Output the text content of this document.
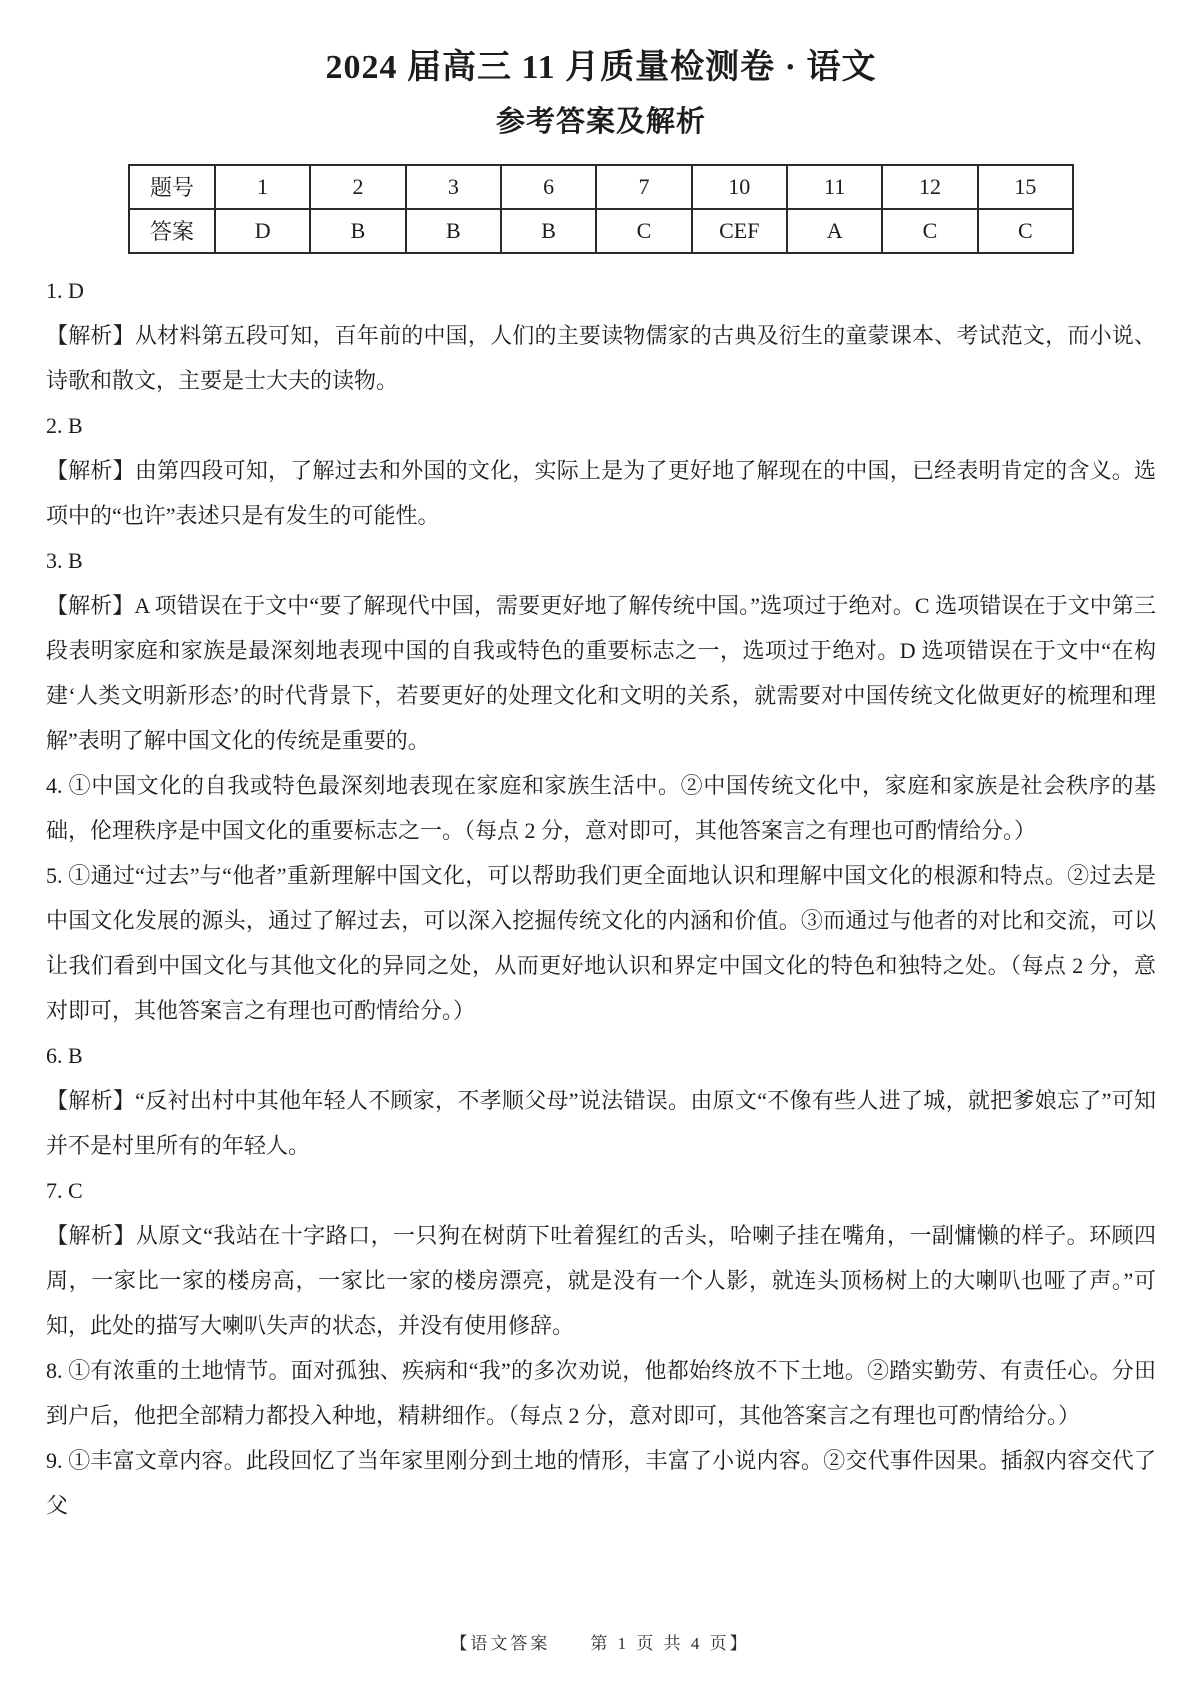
2024 届高三 11 月质量检测卷 · 语文
参考答案及解析
题号	1	2	3	6	7	10	11	12	15
答案	D	B	B	B	C	CEF	A	C	C

1. D

【解析】从材料第五段可知，百年前的中国，人们的主要读物儒家的古典及衍生的童蒙课本、考试范文，而小说、诗歌和散文，主要是士大夫的读物。

2. B

【解析】由第四段可知，了解过去和外国的文化，实际上是为了更好地了解现在的中国，已经表明肯定的含义。选项中的“也许”表述只是有发生的可能性。

3. B

【解析】A 项错误在于文中“要了解现代中国，需要更好地了解传统中国。”选项过于绝对。C 选项错误在于文中第三段表明家庭和家族是最深刻地表现中国的自我或特色的重要标志之一，选项过于绝对。D 选项错误在于文中“在构建‘人类文明新形态’的时代背景下，若要更好的处理文化和文明的关系，就需要对中国传统文化做更好的梳理和理解”表明了解中国文化的传统是重要的。

4. ①中国文化的自我或特色最深刻地表现在家庭和家族生活中。②中国传统文化中，家庭和家族是社会秩序的基础，伦理秩序是中国文化的重要标志之一。（每点 2 分，意对即可，其他答案言之有理也可酌情给分。）

5. ①通过“过去”与“他者”重新理解中国文化，可以帮助我们更全面地认识和理解中国文化的根源和特点。②过去是中国文化发展的源头，通过了解过去，可以深入挖掘传统文化的内涵和价值。③而通过与他者的对比和交流，可以让我们看到中国文化与其他文化的异同之处，从而更好地认识和界定中国文化的特色和独特之处。（每点 2 分，意对即可，其他答案言之有理也可酌情给分。）

6. B

【解析】“反衬出村中其他年轻人不顾家，不孝顺父母”说法错误。由原文“不像有些人进了城，就把爹娘忘了”可知并不是村里所有的年轻人。

7. C

【解析】从原文“我站在十字路口，一只狗在树荫下吐着猩红的舌头，哈喇子挂在嘴角，一副慵懒的样子。环顾四周，一家比一家的楼房高，一家比一家的楼房漂亮，就是没有一个人影，就连头顶杨树上的大喇叭也哑了声。”可知，此处的描写大喇叭失声的状态，并没有使用修辞。

8. ①有浓重的土地情节。面对孤独、疾病和“我”的多次劝说，他都始终放不下土地。②踏实勤劳、有责任心。分田到户后，他把全部精力都投入种地，精耕细作。（每点 2 分，意对即可，其他答案言之有理也可酌情给分。）

9. ①丰富文章内容。此段回忆了当年家里刚分到土地的情形，丰富了小说内容。②交代事件因果。插叙内容交代了父

【语文答案　　第 1 页 共 4 页】
